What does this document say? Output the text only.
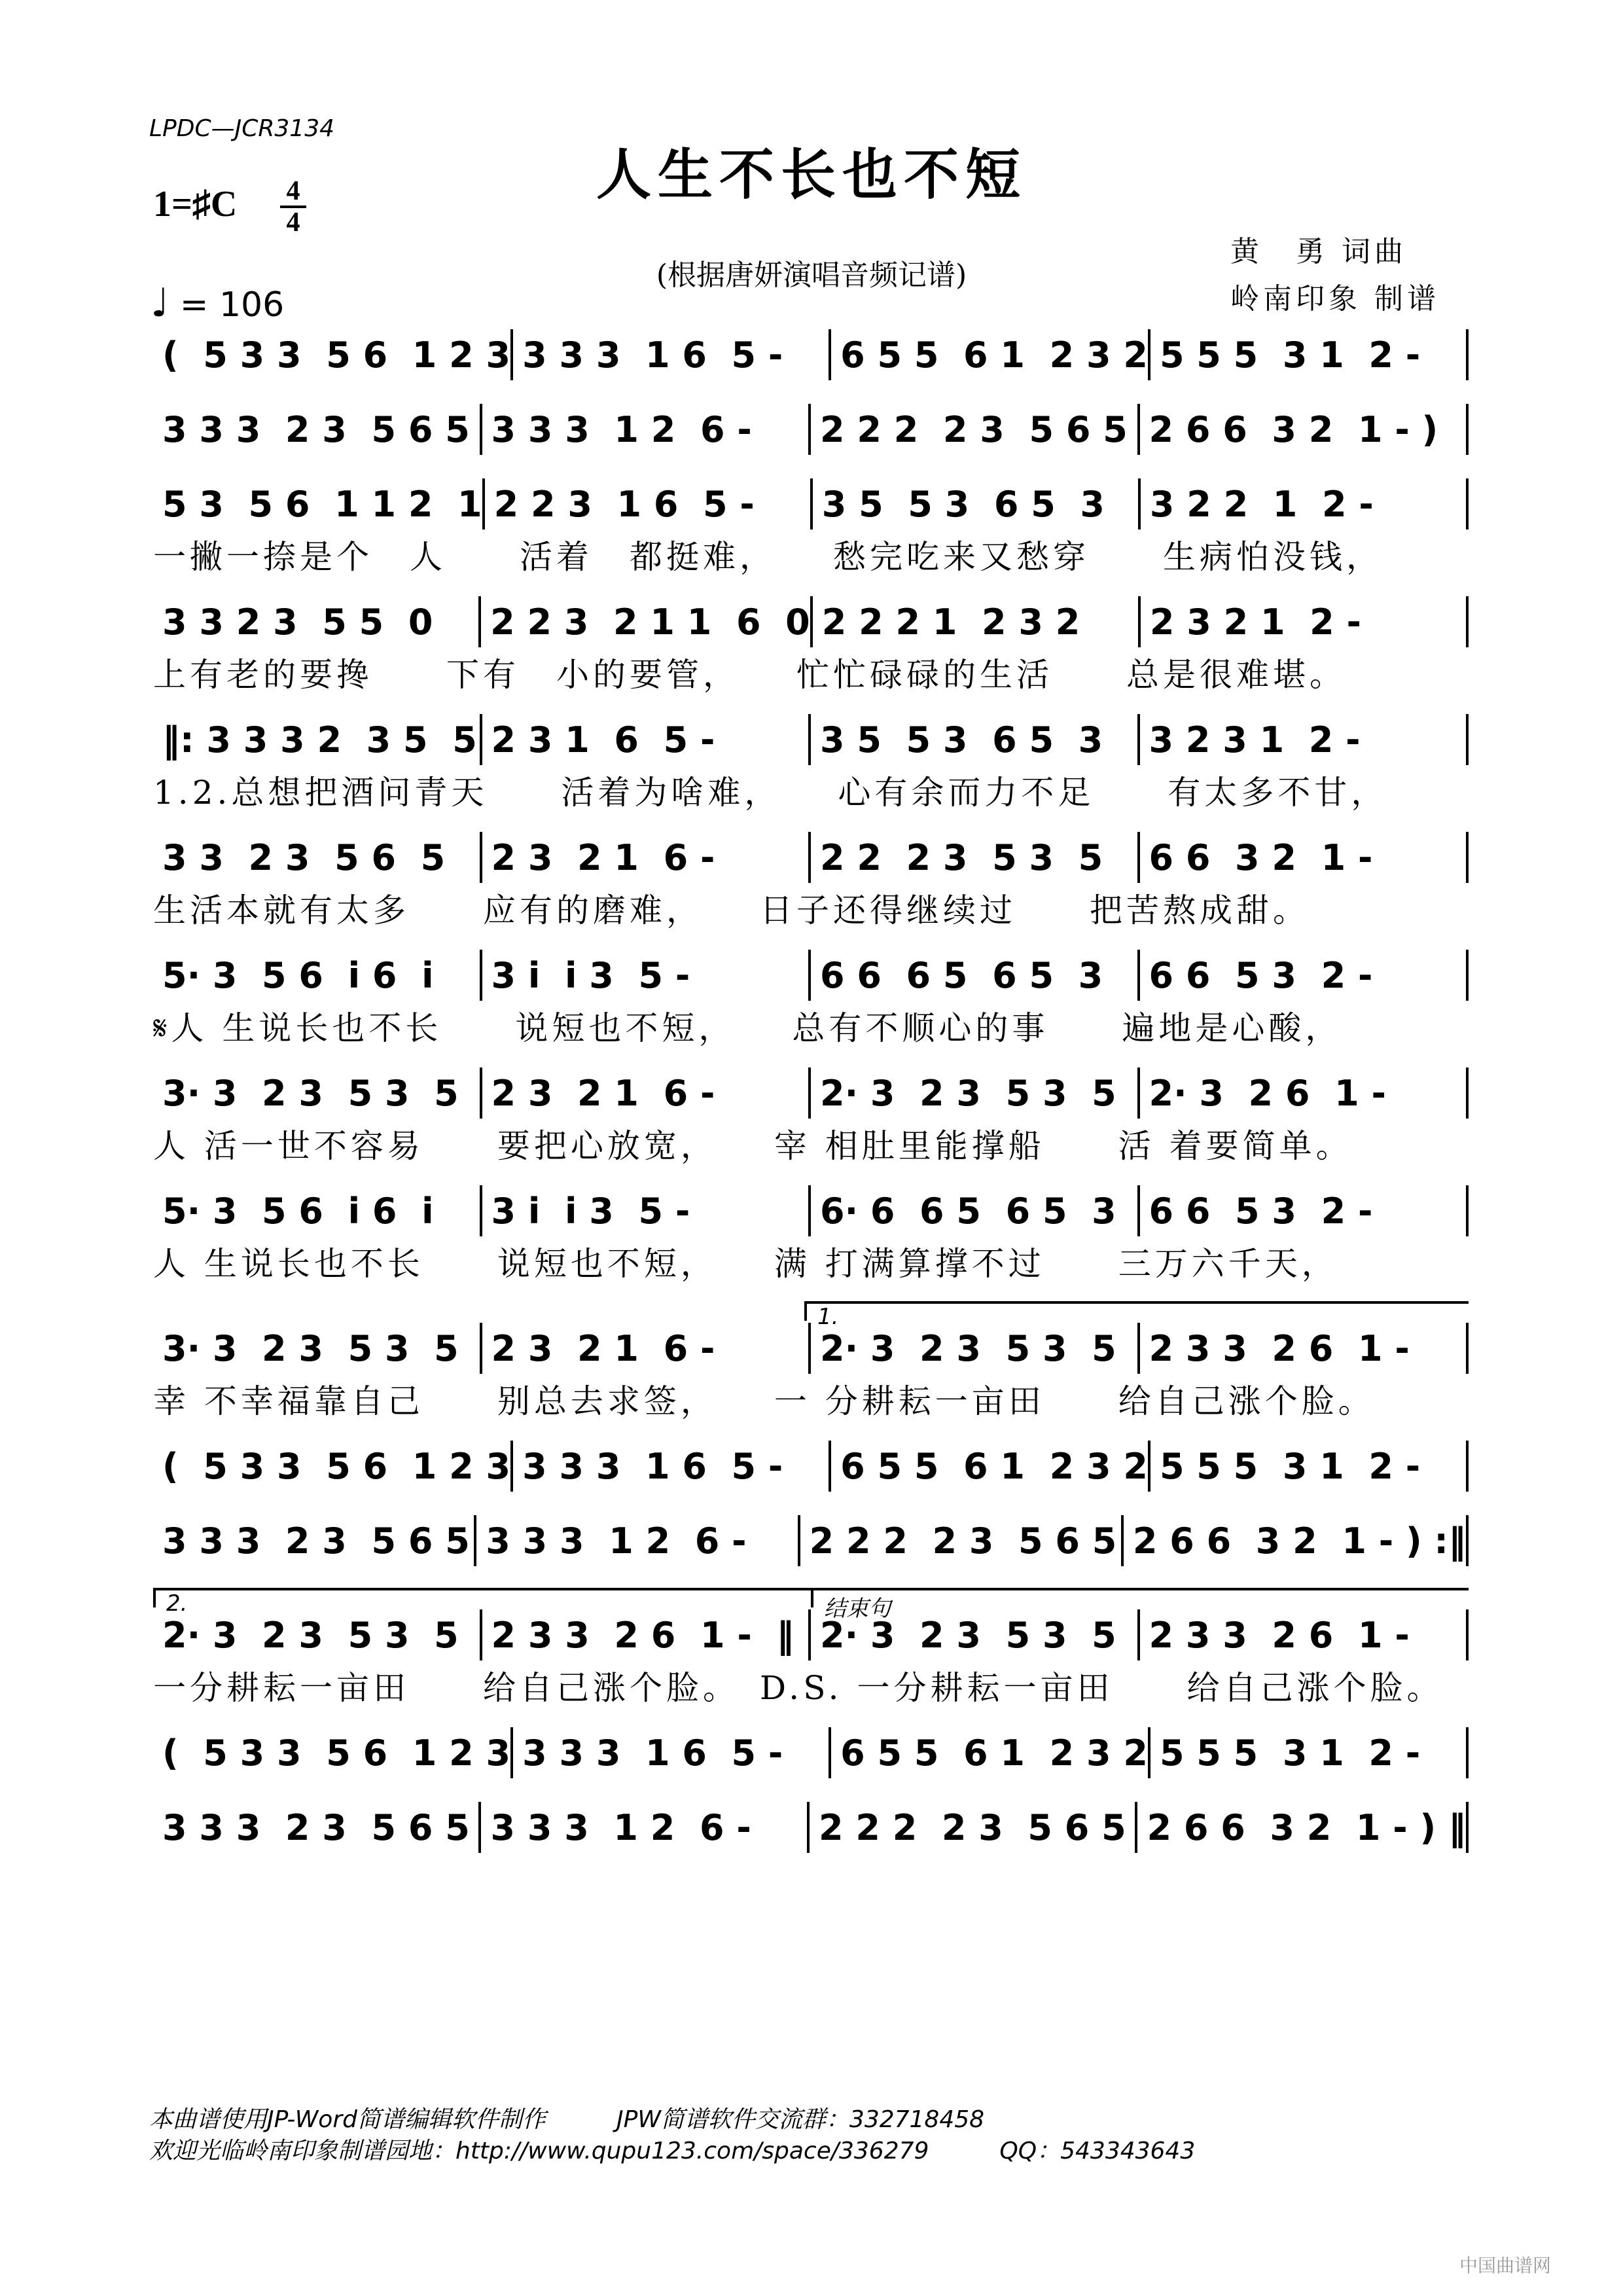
LPDC—JCR3134
人生不长也不短
1=♯C 4
4
(根据唐妍演唱音频记谱)
黄　勇 词曲
岭南印象 制谱
♩ = 106
(  5 3 3  5 6  1 2 3 3 3 3  1 6  5 -	6 5 5  6 1  2 3 2 5 5 5  3 1  2 -
3 3 3  2 3  5 6 5 3 3 3  1 2  6 -	2 2 2  2 3  5 6 5 2 6 6  3 2  1 - )
5 3  5 6  1 1 2  1 2 2 3  1 6  5 -	3 5  5 3  6 5  3	3 2 2  1  2 -
一撇一捺是个　人　　活着　都挺难，　　愁完吃来又愁穿　　生病怕没钱，
3 3 2 3  5 5  0	2 2 3  2 1 1  6  0 2 2 2 1  2 3 2	2 3 2 1  2 -
上有老的要搀　　下有　小的要管，　　忙忙碌碌的生活　　总是很难堪。
‖: 3 3 3 2  3 5  5 2 3 1  6  5 -	3 5  5 3  6 5  3	3 2 3 1  2 -
1.2.总想把酒问青天　　活着为啥难，　　心有余而力不足　　有太多不甘，
3 3  2 3  5 6  5	2 3  2 1  6 -	2 2  2 3  5 3  5	6 6  3 2  1 -
生活本就有太多　　应有的磨难，　　日子还得继续过　　把苦熬成甜。
5· 3  5 6  i 6  i	3 i  i 3  5 -	6 6  6 5  6 5  3	6 6  5 3  2 -
𝄋人 生说长也不长　　说短也不短，　　总有不顺心的事　　遍地是心酸，
3· 3  2 3  5 3  5 2 3  2 1  6 -	2· 3  2 3  5 3  5 2· 3  2 6  1 -
人 活一世不容易　　要把心放宽，　　宰 相肚里能撑船　　活 着要简单。
5· 3  5 6  i 6  i	3 i  i 3  5 -	6· 6  6 5  6 5  3 6 6  5 3  2 -
人 生说长也不长　　说短也不短，　　满 打满算撑不过　　三万六千天，
1.
3· 3  2 3  5 3  5 2 3  2 1  6 -	2· 3  2 3  5 3  5 2 3 3  2 6  1 -
幸 不幸福靠自己　　别总去求签，　　一 分耕耘一亩田　　给自己涨个脸。
(  5 3 3  5 6  1 2 3 3 3 3  1 6  5 -	6 5 5  6 1  2 3 2 5 5 5  3 1  2 -
3 3 3  2 3  5 6 5 3 3 3  1 2  6 -	2 2 2  2 3  5 6 5 2 6 6  3 2  1 - ) :‖
2.	结束句
2· 3  2 3  5 3  5 2 3 3  2 6  1 -  ‖ 2· 3  2 3  5 3  5 2 3 3  2 6  1 -
一分耕耘一亩田　　给自己涨个脸。　D.S. 一分耕耘一亩田　　给自己涨个脸。
(  5 3 3  5 6  1 2 3 3 3 3  1 6  5 -	6 5 5  6 1  2 3 2 5 5 5  3 1  2 -
3 3 3  2 3  5 6 5 3 3 3  1 2  6 -	2 2 2  2 3  5 6 5 2 6 6  3 2  1 - ) ‖
本曲谱使用JP-Word简谱编辑软件制作　　　JPW简谱软件交流群：332718458
欢迎光临岭南印象制谱园地：http://www.qupu123.com/space/336279　　　QQ：543343643
中国曲谱网
